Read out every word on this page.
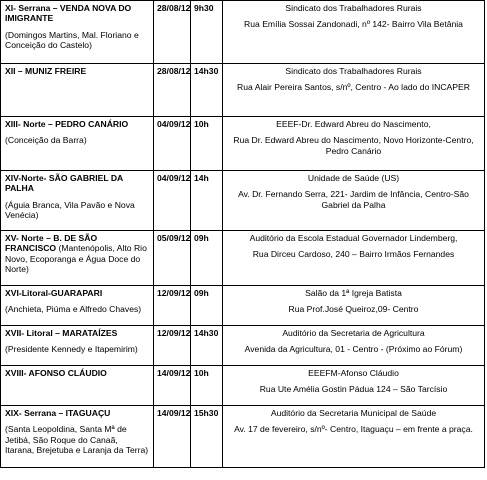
XI- Serrana – VENDA NOVA DO IMIGRANTE
(Domingos Martins, Mal. Floriano e Conceição do Castelo)	28/08/12	9h30	Sindicato dos Trabalhadores Rurais
Rua Emília Sossai Zandonadi, nº 142- Bairro Vila Betânia

XII – MUNIZ FREIRE	28/08/12	14h30	Sindicato dos Trabalhadores Rurais
Rua Alair Pereira Santos, s/nº, Centro - Ao lado do INCAPER

XIII- Norte – PEDRO CANÁRIO
(Conceição da Barra)	04/09/12	10h	EEEF-Dr. Edward Abreu do Nascimento,
Rua Dr. Edward Abreu do Nascimento, Novo Horizonte-Centro, Pedro Canário

XIV-Norte- SÃO GABRIEL DA PALHA
(Águia Branca, Vila Pavão e Nova Venécia)	04/09/12	14h	Unidade de Saúde (US)
Av. Dr. Fernando Serra, 221- Jardim de Infância, Centro-São Gabriel da Palha

XV- Norte – B. DE SÃO FRANCISCO (Mantenópolis, Alto Rio Novo, Ecoporanga e Água Doce do Norte)	05/09/12	09h	Auditório da Escola Estadual Governador Lindemberg,
Rua Dirceu Cardoso, 240 – Bairro Irmãos Fernandes

XVI-Litoral-GUARAPARI
(Anchieta, Piúma e Alfredo Chaves)	12/09/12	09h	Salão da 1ª Igreja Batista
Rua Prof.José Queiroz,09- Centro

XVII- Litoral – MARATAÍZES
(Presidente Kennedy e Itapemirim)	12/09/12	14h30	Auditório da Secretaria de Agricultura
Avenida da Agricultura, 01 - Centro - (Próximo ao Fórum)

XVIII- AFONSO CLÁUDIO	14/09/12	10h	EEEFM-Afonso Cláudio
Rua Ute Amélia Gostin Pádua 124 – São Tarcísio

XIX- Serrana – ITAGUAÇU
(Santa Leopoldina, Santa Mª de Jetibá, São Roque do Canaã, Itarana, Brejetuba e Laranja da Terra)	14/09/12	15h30	Auditório da Secretaria Municipal de Saúde
Av. 17 de fevereiro, s/nº- Centro, Itaguaçu – em frente a praça.
